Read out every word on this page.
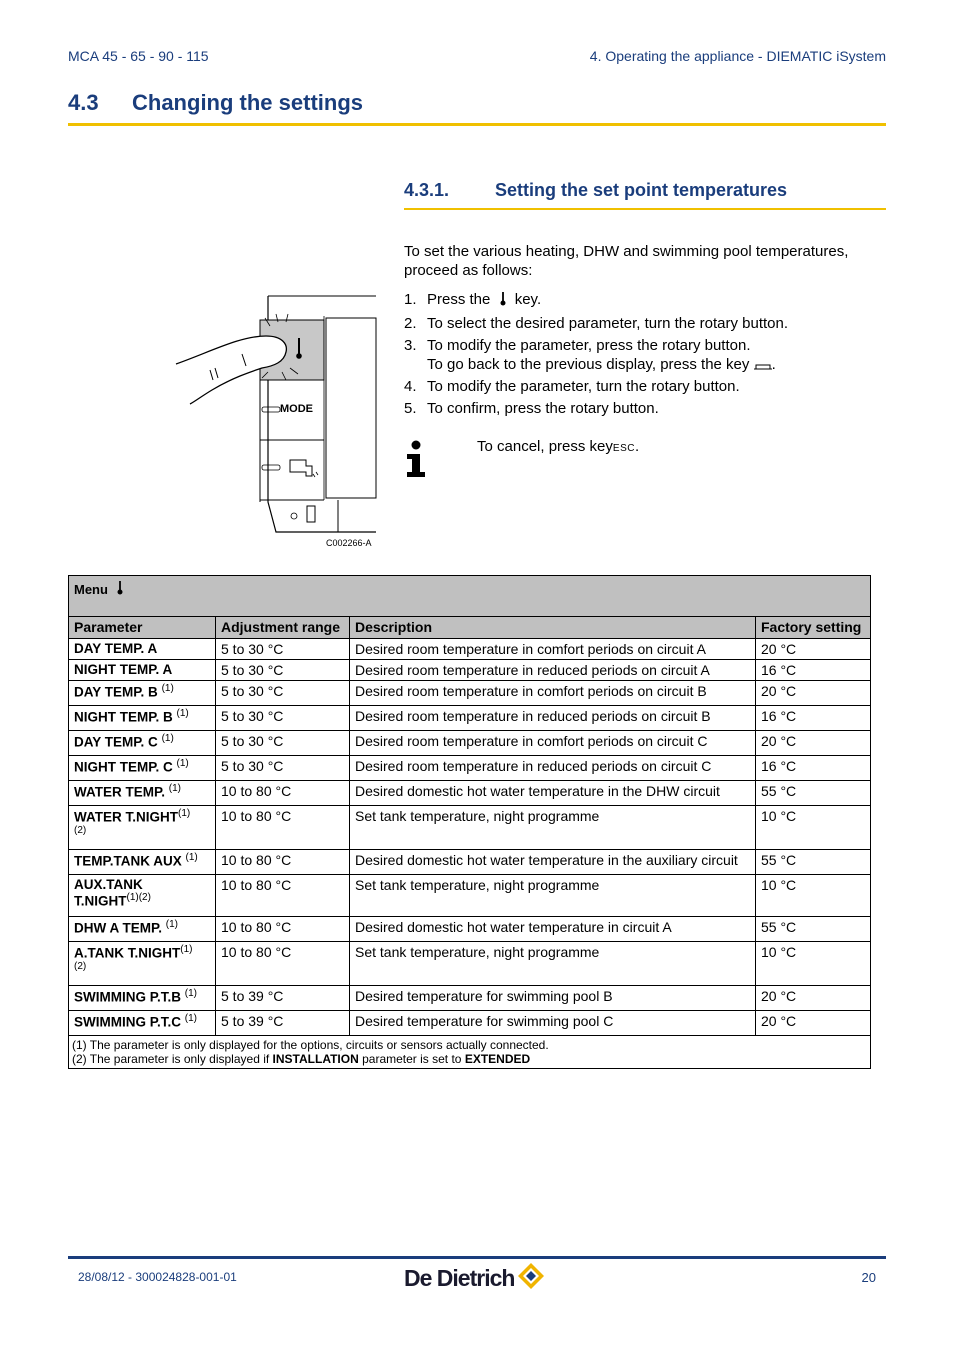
MCA 45 - 65 - 90 - 115	4. Operating the appliance - DIEMATIC iSystem
4.3 Changing the settings
MODE
C002266-A
4.3.1.	Setting the set point temperatures
To set the various heating, DHW and swimming pool temperatures, proceed as follows:
1. Press the key.
2. To select the desired parameter, turn the rotary button.
3. To modify the parameter, press the rotary button.
To go back to the previous display, press the key .
4. To modify the parameter, turn the rotary button.
5. To confirm, press the rotary button.
To cancel, press keyESC.
Menu			
Parameter	Adjustment range	Description	Factory setting
DAY TEMP. A	5 to 30 °C	Desired room temperature in comfort periods on circuit A	20 °C
NIGHT TEMP. A	5 to 30 °C	Desired room temperature in reduced periods on circuit A	16 °C
DAY TEMP. B $^{(1)}$	5 to 30 °C	Desired room temperature in comfort periods on circuit B	20 °C
NIGHT TEMP. B $^{(1)}$	5 to 30 °C	Desired room temperature in reduced periods on circuit B	16 °C
DAY TEMP. C $^{(1)}$	5 to 30 °C	Desired room temperature in comfort periods on circuit C	20 °C
NIGHT TEMP. C $^{(1)}$	5 to 30 °C	Desired room temperature in reduced periods on circuit C	16 °C
WATER TEMP. $^{(1)}$	10 to 80 °C	Desired domestic hot water temperature in the DHW circuit	55 °C
WATER T.NIGHT$^{(1)}$
$^{(2)}$	10 to 80 °C	Set tank temperature, night programme	10 °C
TEMP.TANK AUX $^{(1)}$	10 to 80 °C	Desired domestic hot water temperature in the auxiliary circuit	55 °C
AUX.TANK $T.NIGHT^{(1)(2)}$	10 to 80 °C	Set tank temperature, night programme	10 °C
DHW A TEMP. $^{(1)}$	10 to 80 °C	Desired domestic hot water temperature in circuit A	55 °C
A.TANK T.NIGHT$^{(1)}$
$^{(2)}$	10 to 80 °C	Set tank temperature, night programme	10 °C
SWIMMING P.T.B $^{(1)}$	5 to 39 °C	Desired temperature for swimming pool B	20 °C
SWIMMING P.T.C $^{(1)}$	5 to 39 °C	Desired temperature for swimming pool C	20 °C

(1) The parameter is only displayed for the options, circuits or sensors actually connected.
(2) The parameter is only displayed if INSTALLATION parameter is set to EXTENDED			
28/08/12 - 300024828-001-01	De Dietrich	20
